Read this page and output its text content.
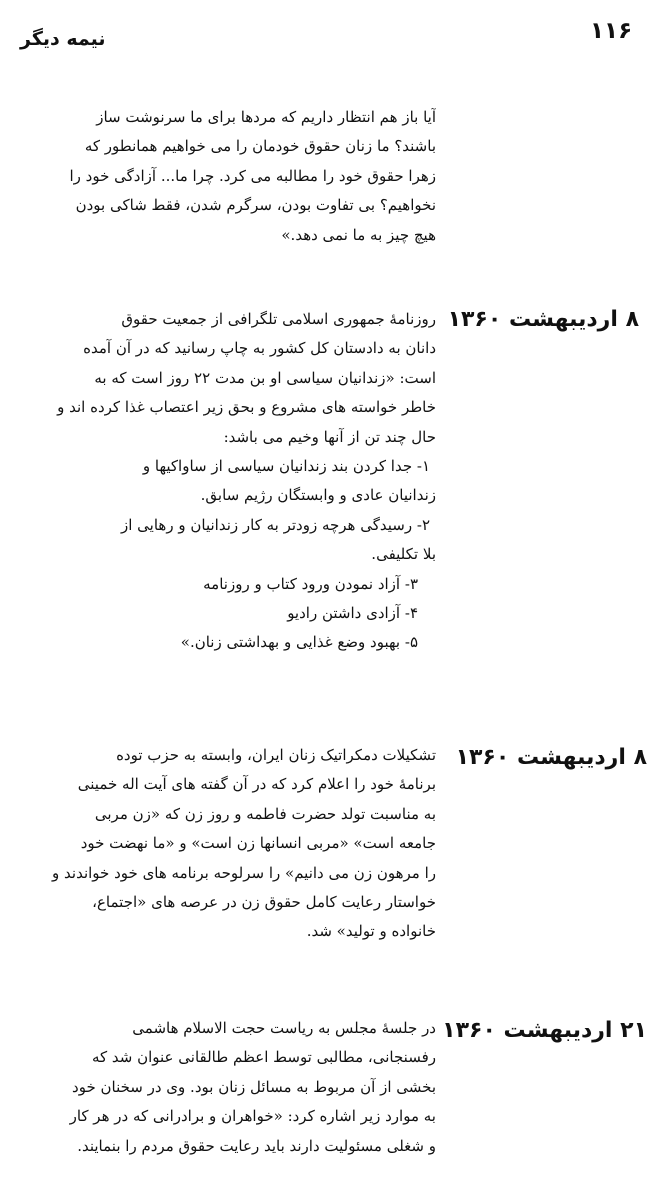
۱۱۶
نیمه دیگر
آیا باز هم انتظار داریم که مردها برای ما سرنوشت ساز
باشند؟ ما زنان حقوق خودمان را می خواهیم همانطور که
زهرا حقوق خود را مطالبه می کرد. چرا ما... آزادگی خود را
نخواهیم؟ بی تفاوت بودن، سرگرم شدن، فقط شاکی بودن
هیچ چیز به ما نمی دهد.»
۸ اردیبهشت ۱۳۶۰
روزنامهٔ جمهوری اسلامی تلگرافی از جمعیت حقوق
دانان به دادستان کل کشور به چاپ رسانید که در آن آمده
است: «زندانیان سیاسی او بن مدت ۲۲ روز است که به
خاطر خواسته های مشروع و بحق زیر اعتصاب غذا کرده اند و
حال چند تن از آنها وخیم می باشد:
۱- جدا کردن بند زندانیان سیاسی از ساواکیها و
زندانیان عادی و وابستگان رژیم سابق.
۲- رسیدگی هرچه زودتر به کار زندانیان و رهایی از
بلا تکلیفی.
۳- آزاد نمودن ورود کتاب و روزنامه
۴- آزادی داشتن رادیو
۵- بهبود وضع غذایی و بهداشتی زنان.»
۸ اردیبهشت ۱۳۶۰
تشکیلات دمکراتیک زنان ایران، وابسته به حزب توده
برنامهٔ خود را اعلام کرد که در آن گفته های آیت اله خمینی
به مناسبت تولد حضرت فاطمه و روز زن که «زن مربی
جامعه است» «مربی انسانها زن است» و «ما نهضت خود
را مرهون زن می دانیم» را سرلوحه برنامه های خود خواندند و
خواستار رعایت کامل حقوق زن در عرصه های «اجتماع،
خانواده و تولید» شد.
۲۱ اردیبهشت ۱۳۶۰
در جلسهٔ مجلس به ریاست حجت الاسلام هاشمی
رفسنجانی، مطالبی توسط اعظم طالقانی عنوان شد که
بخشی از آن مربوط به مسائل زنان بود. وی در سخنان خود
به موارد زیر اشاره کرد: «خواهران و برادرانی که در هر کار
و شغلی مسئولیت دارند باید رعایت حقوق مردم را بنمایند.
